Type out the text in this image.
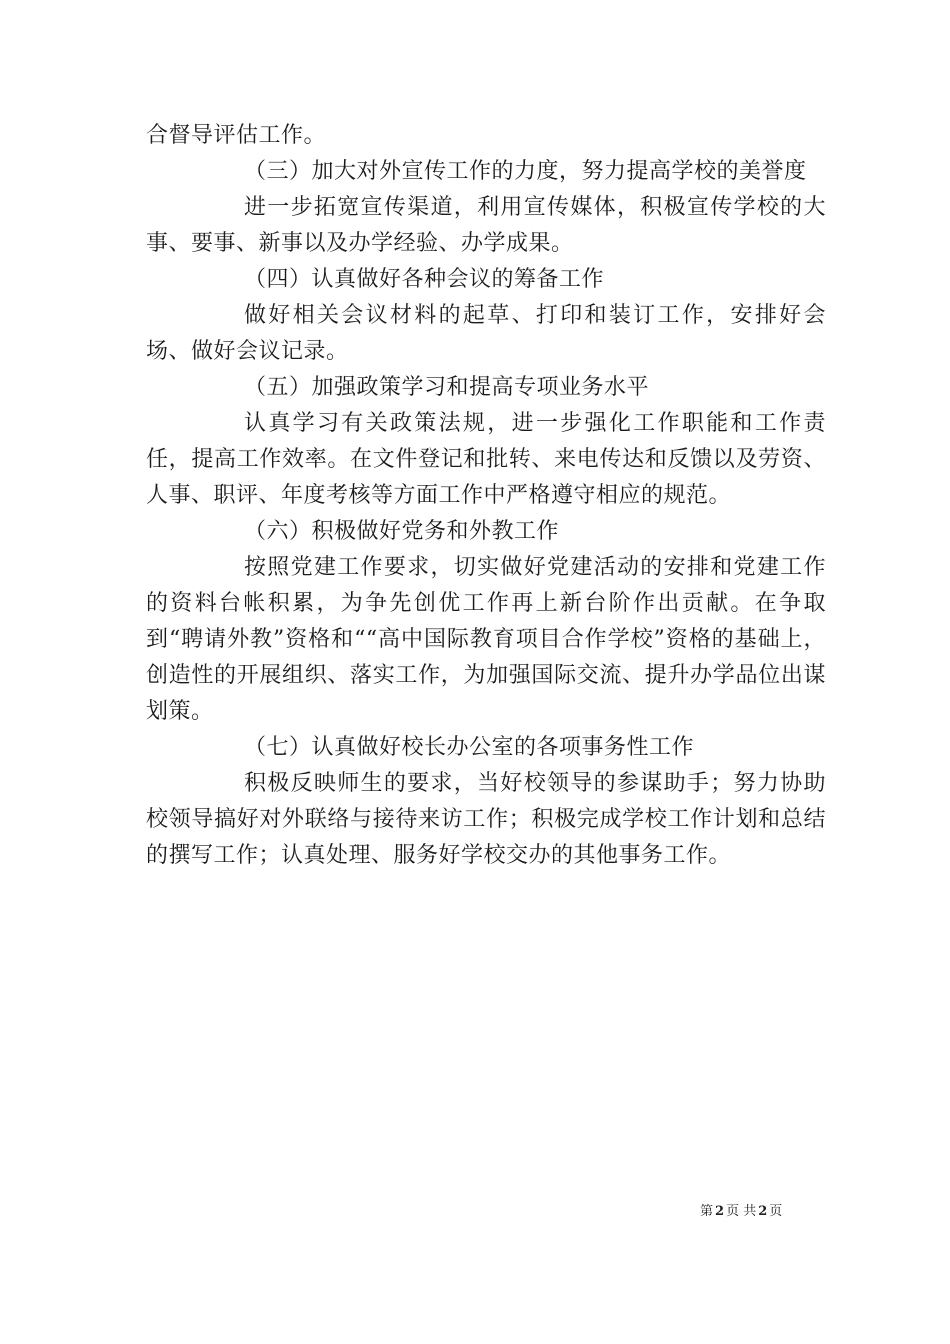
合督导评估工作。

（三）加大对外宣传工作的力度，努力提高学校的美誉度

进一步拓宽宣传渠道，利用宣传媒体，积极宣传学校的大事、要事、新事以及办学经验、办学成果。

（四）认真做好各种会议的筹备工作

做好相关会议材料的起草、打印和装订工作，安排好会场、做好会议记录。

（五）加强政策学习和提高专项业务水平

认真学习有关政策法规，进一步强化工作职能和工作责任，提高工作效率。在文件登记和批转、来电传达和反馈以及劳资、人事、职评、年度考核等方面工作中严格遵守相应的规范。

（六）积极做好党务和外教工作

按照党建工作要求，切实做好党建活动的安排和党建工作的资料台帐积累，为争先创优工作再上新台阶作出贡献。在争取到“聘请外教”资格和““高中国际教育项目合作学校”资格的基础上，创造性的开展组织、落实工作，为加强国际交流、提升办学品位出谋划策。

（七）认真做好校长办公室的各项事务性工作

积极反映师生的要求，当好校领导的参谋助手；努力协助校领导搞好对外联络与接待来访工作；积极完成学校工作计划和总结的撰写工作；认真处理、服务好学校交办的其他事务工作。

第 2 页 共 2 页
